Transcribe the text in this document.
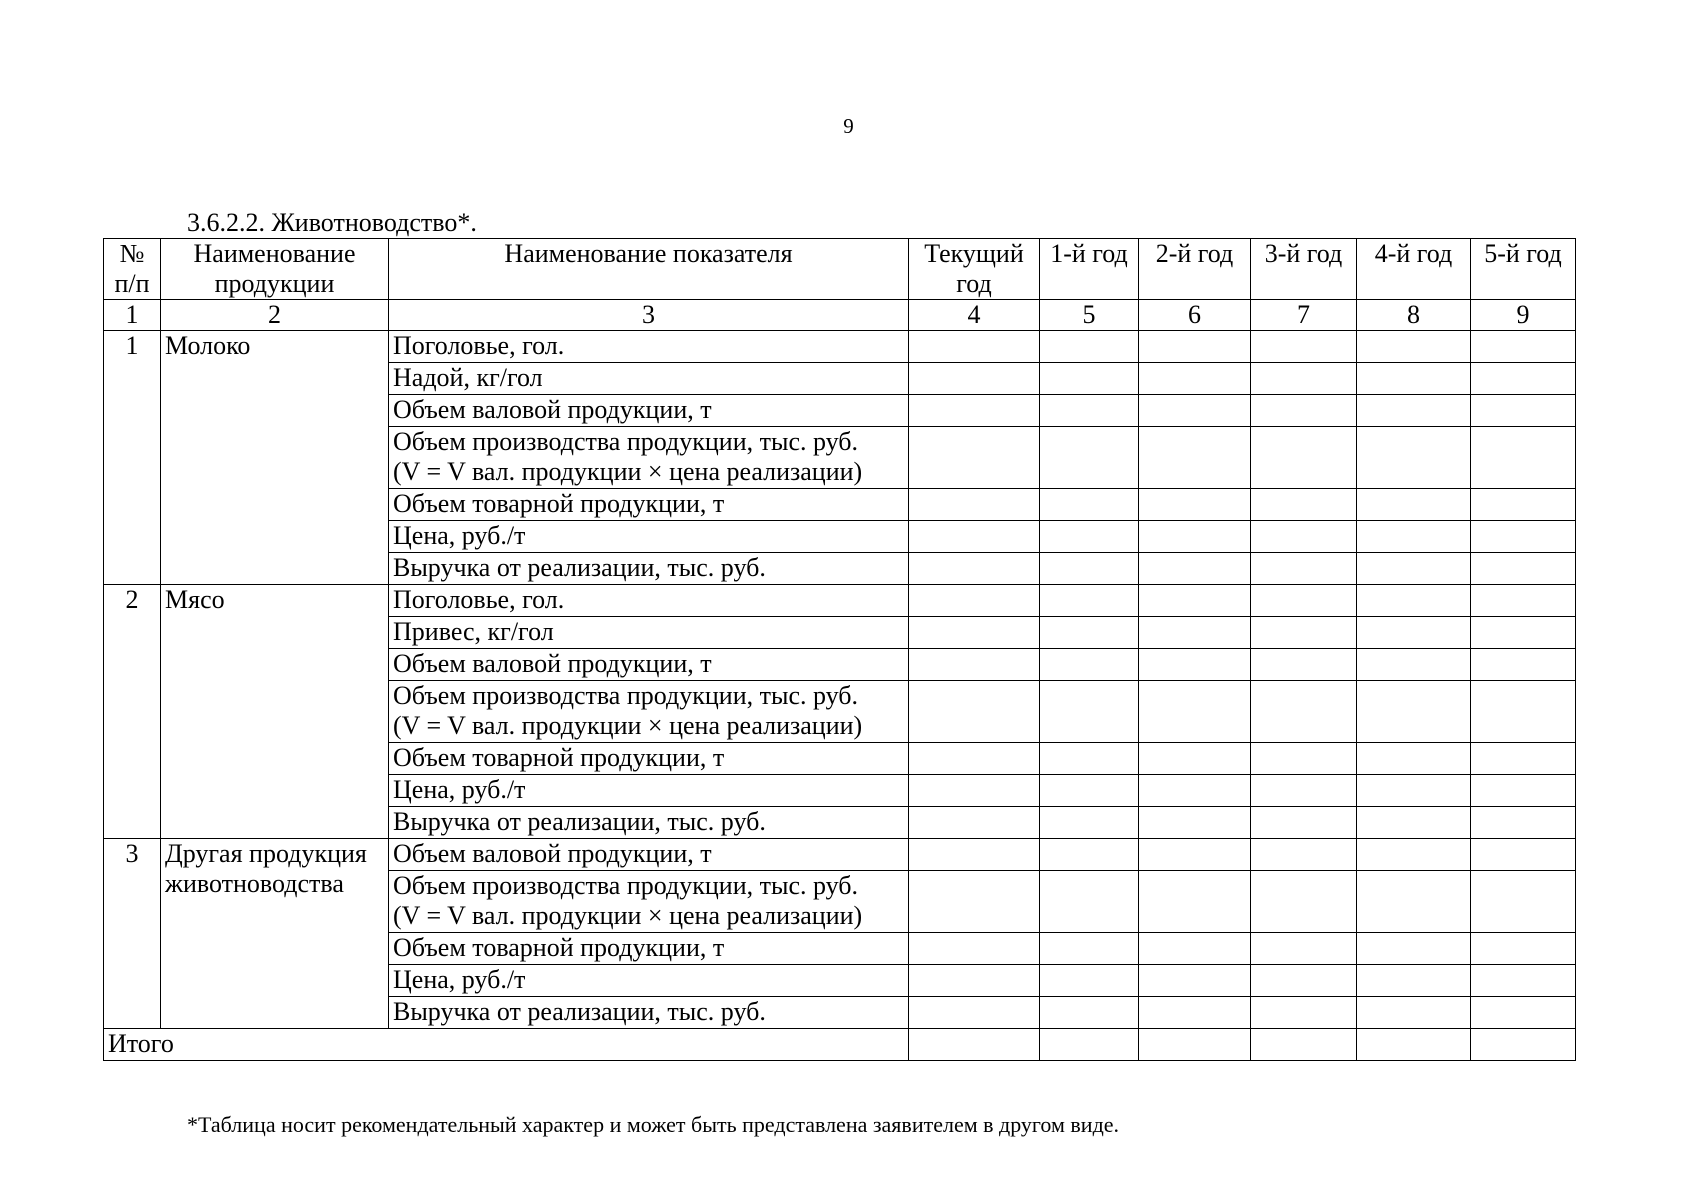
9
3.6.2.2. Животноводство*.
№
п/п	Наименование продукции	Наименование показателя	Текущий год	1-й год	2-й год	3-й год	4-й год	5-й год
1	2	3	4	5	6	7	8	9
1	Молоко	Поголовье, гол.						
		Надой, кг/гол						
		Объем валовой продукции, т						
		Объем производства продукции, тыс. руб.
(V = V вал. продукции × цена реализации)						
		Объем товарной продукции, т						
		Цена, руб./т						
		Выручка от реализации, тыс. руб.						
2	Мясо	Поголовье, гол.						
		Привес, кг/гол						
		Объем валовой продукции, т						
		Объем производства продукции, тыс. руб.
(V = V вал. продукции × цена реализации)						
		Объем товарной продукции, т						
		Цена, руб./т						
		Выручка от реализации, тыс. руб.						
3	Другая продукция животноводства	Объем валовой продукции, т						
		Объем производства продукции, тыс. руб.
(V = V вал. продукции × цена реализации)						
		Объем товарной продукции, т						
		Цена, руб./т						
		Выручка от реализации, тыс. руб.						
Итого								
*Таблица носит рекомендательный характер и может быть представлена заявителем в другом виде.
